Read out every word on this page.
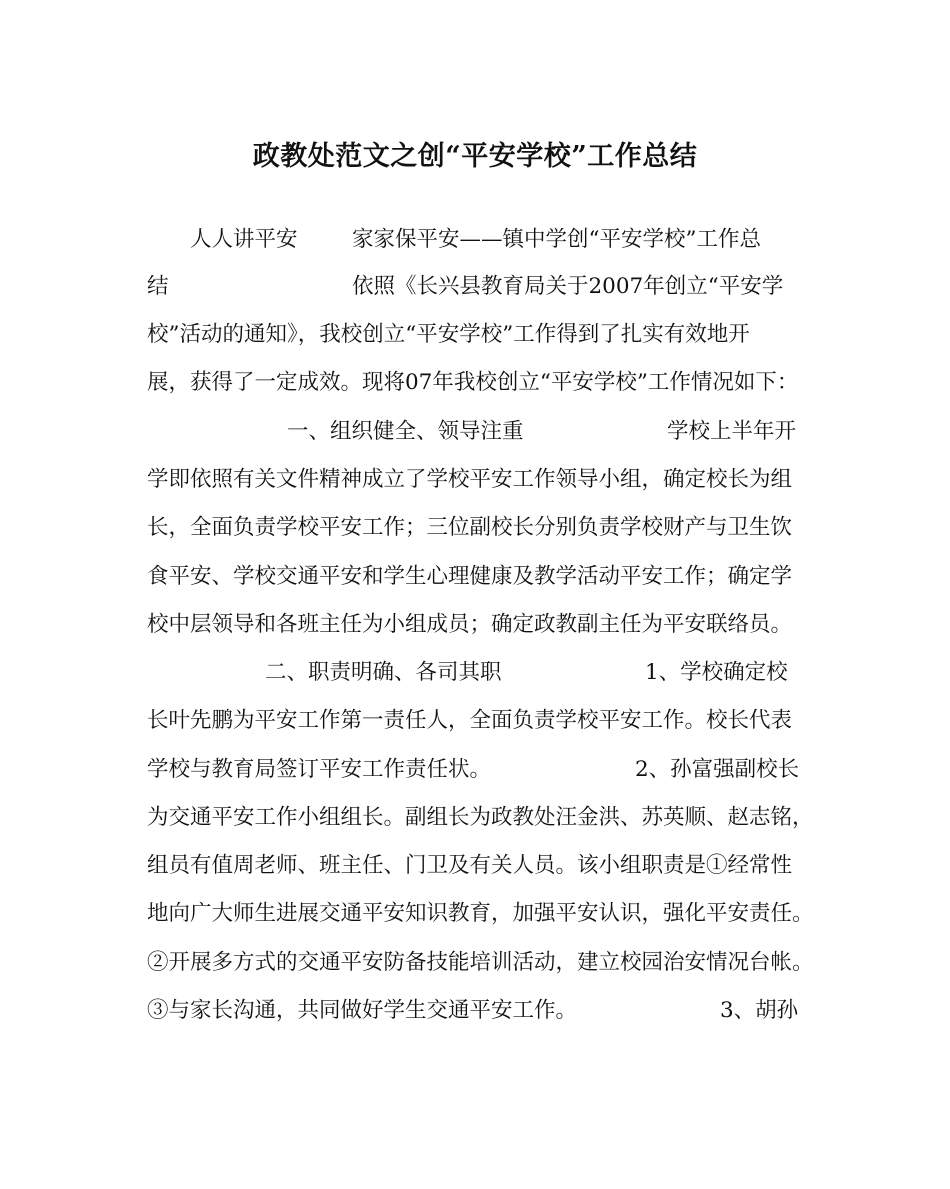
政教处范文之创“平安学校”工作总结
人人讲平安	家家保平安——镇中学创“平安学校”工作总
结	依照《长兴县教育局关于2007年创立“平安学
校”活动的通知》，我校创立“平安学校”工作得到了扎实有效地开
展，获得了一定成效。现将07年我校创立“平安学校”工作情况如下：
一、组织健全、领导注重	学校上半年开
学即依照有关文件精神成立了学校平安工作领导小组，确定校长为组
长，全面负责学校平安工作；三位副校长分别负责学校财产与卫生饮
食平安、学校交通平安和学生心理健康及教学活动平安工作；确定学
校中层领导和各班主任为小组成员；确定政教副主任为平安联络员。
二、职责明确、各司其职	1、学校确定校
长叶先鹏为平安工作第一责任人，全面负责学校平安工作。校长代表
学校与教育局签订平安工作责任状。	2、孙富强副校长
为交通平安工作小组组长。副组长为政教处汪金洪、苏英顺、赵志铭，
组员有值周老师、班主任、门卫及有关人员。该小组职责是①经常性
地向广大师生进展交通平安知识教育，加强平安认识，强化平安责任。
②开展多方式的交通平安防备技能培训活动，建立校园治安情况台帐。
③与家长沟通，共同做好学生交通平安工作。	3、胡孙
